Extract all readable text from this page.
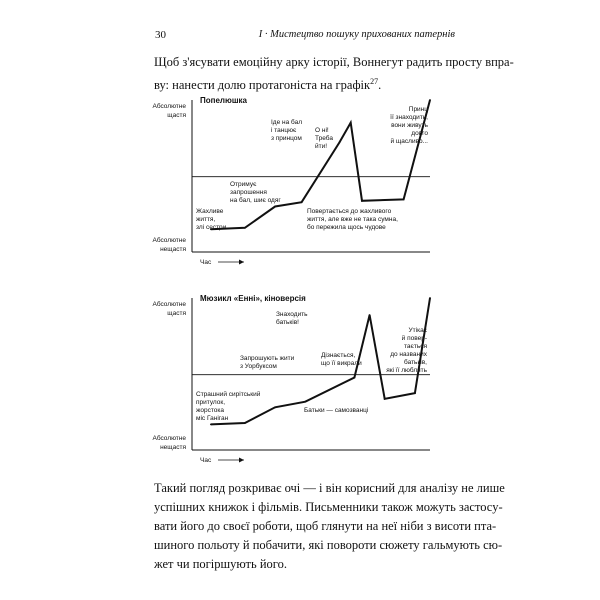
30	I · Мистецтво пошуку прихованих патернів
Щоб з'ясувати емоційну арку історії, Воннегут радить просту впра-
ву: нанести долю протагоніста на графік$^{27}$.
Попелюшка
Абсолютне
щастя
Абсолютне
нещастя
Час
Жахливе
життя,
злі сестри
Отримує
запрошення
на бал, шиє одяг
Іде на бал
і танцює
з принцом
О ні!
Треба
йти!
Повертається до жахливого
життя, але вже не така сумна,
бо пережила щось чудове
Принц
її знаходить,
вони живуть
довго
й щасливо...
Мюзикл «Енні», кіноверсія
Абсолютне
щастя
Абсолютне
нещастя
Час
Страшний сирітський
притулок,
жорстока
міс Ганіган
Запрошують жити
з Уорбуксом
Знаходить
батьків!
Дізнається,
що її викрали
Батьки — самозванці
Утікає
й повер-
тається
до названих
батьків,
які її люблять
Такий погляд розкриває очі — і він корисний для аналізу не лише
успішних книжок і фільмів. Письменники також можуть застосу-
вати його до своєї роботи, щоб глянути на неї ніби з висоти пта-
шиного польоту й побачити, які повороти сюжету гальмують сю-
жет чи погіршують його.
